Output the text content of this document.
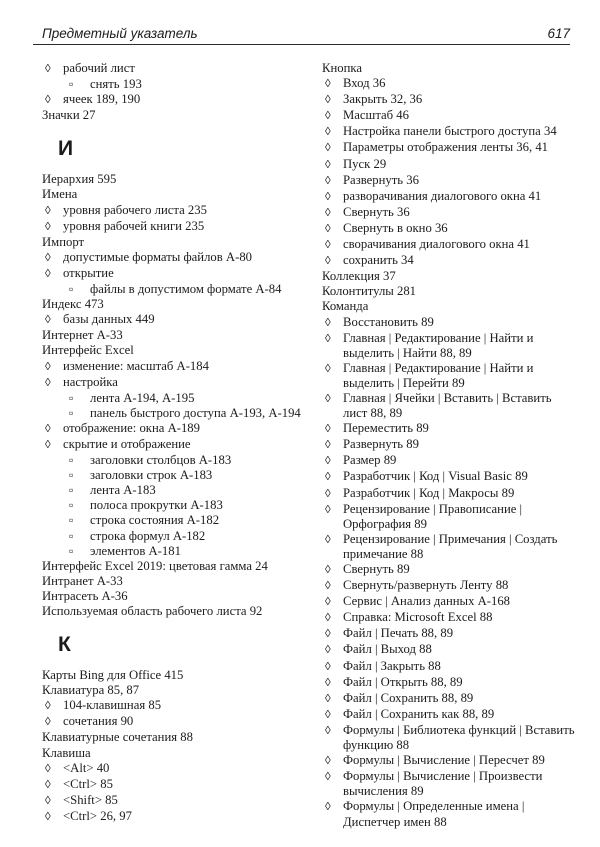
Предметный указатель	617
◊ рабочий лист
▫	снять 193
◊ ячеек 189, 190
Значки 27
И
Иерархия 595
Имена
◊ уровня рабочего листа 235
◊ уровня рабочей книги 235
Импорт
◊ допустимые форматы файлов А-80
◊ открытие
▫	файлы в допустимом формате А-84
Индекс 473
◊ базы данных 449
Интернет А-33
Интерфейс Excel
◊ изменение: масштаб А-184
◊ настройка
▫	лента А-194, А-195
▫	панель быстрого доступа А-193, А-194
◊ отображение: окна А-189
◊ скрытие и отображение
▫	заголовки столбцов А-183
▫	заголовки строк А-183
▫	лента А-183
▫	полоса прокрутки А-183
▫	строка состояния А-182
▫	строка формул А-182
▫	элементов А-181
Интерфейс Excel 2019: цветовая гамма 24
Интранет А-33
Интрасеть А-36
Используемая область рабочего листа 92
К
Карты Bing для Office 415
Клавиатура 85, 87
◊ 104-клавишная 85
◊ сочетания 90
Клавиатурные сочетания 88
Клавиша
◊ <Alt> 40
◊ <Ctrl> 85
◊ <Shift> 85
◊ <Ctrl> 26, 97
Кнопка
◊ Вход 36
◊ Закрыть 32, 36
◊ Масштаб 46
◊ Настройка панели быстрого доступа 34
◊ Параметры отображения ленты 36, 41
◊ Пуск 29
◊ Развернуть 36
◊ разворачивания диалогового окна 41
◊ Свернуть 36
◊ Свернуть в окно 36
◊ сворачивания диалогового окна 41
◊ сохранить 34
Коллекция 37
Колонтитулы 281
Команда
◊ Восстановить 89
◊ Главная | Редактирование | Найти и выделить | Найти 88, 89
◊ Главная | Редактирование | Найти и выделить | Перейти 89
◊ Главная | Ячейки | Вставить | Вставить лист 88, 89
◊ Переместить 89
◊ Развернуть 89
◊ Размер 89
◊ Разработчик | Код | Visual Basic 89
◊ Разработчик | Код | Макросы 89
◊ Рецензирование | Правописание | Орфография 89
◊ Рецензирование | Примечания | Создать примечание 88
◊ Свернуть 89
◊ Свернуть/развернуть Ленту 88
◊ Сервис | Анализ данных А-168
◊ Справка: Microsoft Excel 88
◊ Файл | Печать 88, 89
◊ Файл | Выход 88
◊ Файл | Закрыть 88
◊ Файл | Открыть 88, 89
◊ Файл | Сохранить 88, 89
◊ Файл | Сохранить как 88, 89
◊ Формулы | Библиотека функций | Вставить функцию 88
◊ Формулы | Вычисление | Пересчет 89
◊ Формулы | Вычисление | Произвести вычисления 89
◊ Формулы | Определенные имена | Диспетчер имен 88
